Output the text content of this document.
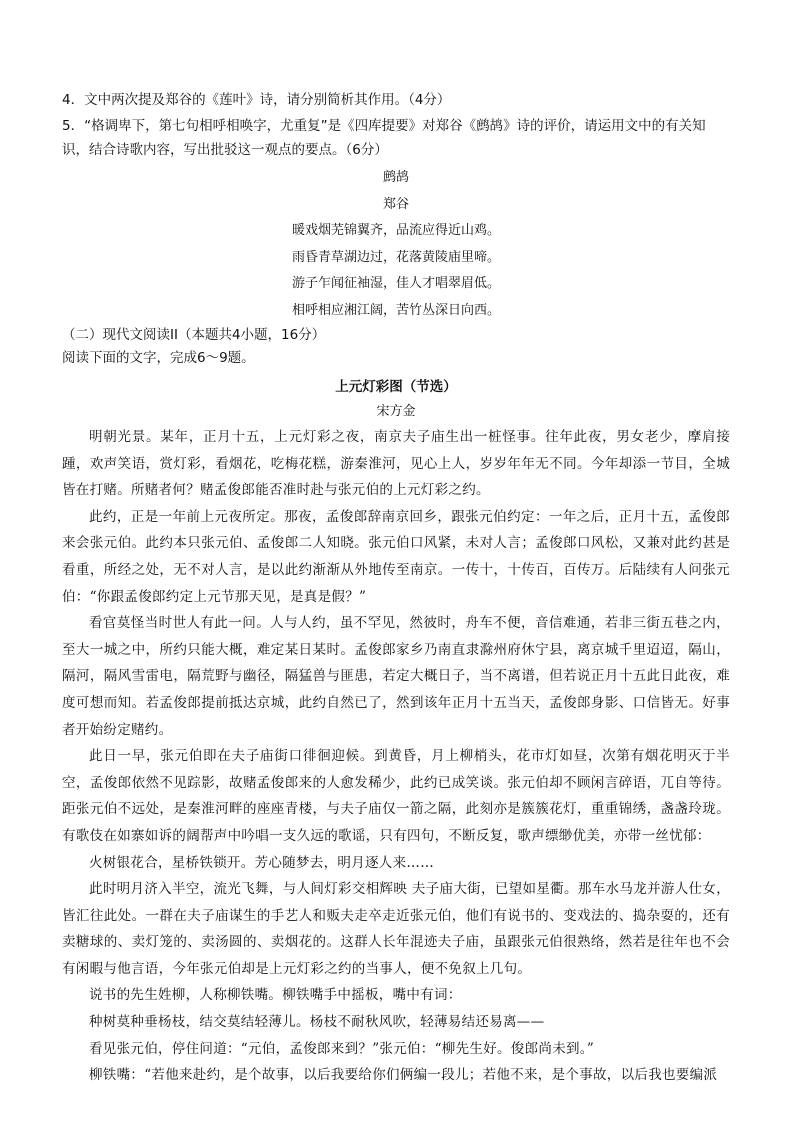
4．文中两次提及郑谷的《莲叶》诗，请分别简析其作用。（4分）

5．“格调卑下，第七句相呼相唤字，尤重复”是《四库提要》对郑谷《鹧鸪》诗的评价，请运用文中的有关知识，结合诗歌内容，写出批驳这一观点的要点。（6分）

鹧鸪

郑谷

暖戏烟芜锦翼齐，品流应得近山鸡。

雨昏青草湖边过，花落黄陵庙里啼。

游子乍闻征袖湿，佳人才唱翠眉低。

相呼相应湘江阔，苦竹丛深日向西。

（二）现代文阅读II（本题共4小题，16分）

阅读下面的文字，完成6～9题。

上元灯彩图（节选）

宋方金

明朝光景。某年，正月十五，上元灯彩之夜，南京夫子庙生出一桩怪事。往年此夜，男女老少，摩肩接踵，欢声笑语，赏灯彩，看烟花，吃梅花糕，游秦淮河，见心上人，岁岁年年无不同。今年却添一节目，全城皆在打赌。所赌者何？赌孟俊郎能否准时赴与张元伯的上元灯彩之约。

此约，正是一年前上元夜所定。那夜，孟俊郎辞南京回乡，跟张元伯约定：一年之后，正月十五，孟俊郎来会张元伯。此约本只张元伯、孟俊郎二人知晓。张元伯口风紧，未对人言；孟俊郎口风松，又兼对此约甚是看重，所经之处，无不对人言，是以此约渐渐从外地传至南京。一传十，十传百，百传万。后陆续有人问张元伯：“你跟孟俊郎约定上元节那天见，是真是假？”

看官莫怪当时世人有此一问。人与人约，虽不罕见，然彼时，舟车不便，音信难通，若非三街五巷之内，至大一城之中，所约只能大概，难定某日某时。孟俊郎家乡乃南直隶滁州府休宁县，离京城千里迢迢，隔山，隔河，隔风雪雷电，隔荒野与幽径，隔猛兽与匪患，若定大概日子，当不离谱，但若说正月十五此日此夜，难度可想而知。若孟俊郎提前抵达京城，此约自然已了，然到该年正月十五当天，孟俊郎身影、口信皆无。好事者开始纷定赌约。

此日一早，张元伯即在夫子庙街口徘徊迎候。到黄昏，月上柳梢头，花市灯如昼，次第有烟花明灭于半空，孟俊郎依然不见踪影，故赌孟俊郎来的人愈发稀少，此约已成笑谈。张元伯却不顾闲言碎语，兀自等待。距张元伯不远处，是秦淮河畔的座座青楼，与夫子庙仅一箭之隔，此刻亦是簇簇花灯，重重锦绣，盏盏玲珑。有歌伎在如寨如诉的阔帮声中吟唱一支久远的歌谣，只有四句，不断反复，歌声缥缈优美，亦带一丝忧郁：

火树银花合，星桥铁锁开。芳心随梦去，明月逐人来……

此时明月济入半空，流光飞舞，与人间灯彩交相辉映 夫子庙大街，已望如星衢。那车水马龙并游人仕女，皆汇往此处。一群在夫子庙谋生的手艺人和贩夫走卒走近张元伯，他们有说书的、变戏法的、捣杂耍的，还有卖糖球的、卖灯笼的、卖汤圆的、卖烟花的。这群人长年混迹夫子庙，虽跟张元伯很熟络，然若是往年也不会有闲暇与他言语，今年张元伯却是上元灯彩之约的当事人，便不免叙上几句。

说书的先生姓柳，人称柳铁嘴。柳铁嘴手中摇板，嘴中有词：

种树莫种垂杨枝，结交莫结轻薄儿。杨枝不耐秋风吹，轻薄易结还易离——

看见张元伯，停住问道：“元伯，孟俊郎来到？”张元伯：“柳先生好。俊郎尚未到。”

柳铁嘴：“若他来赴约，是个故事，以后我要给你们俩编一段儿；若他不来，是个事故，以后我也要编派
